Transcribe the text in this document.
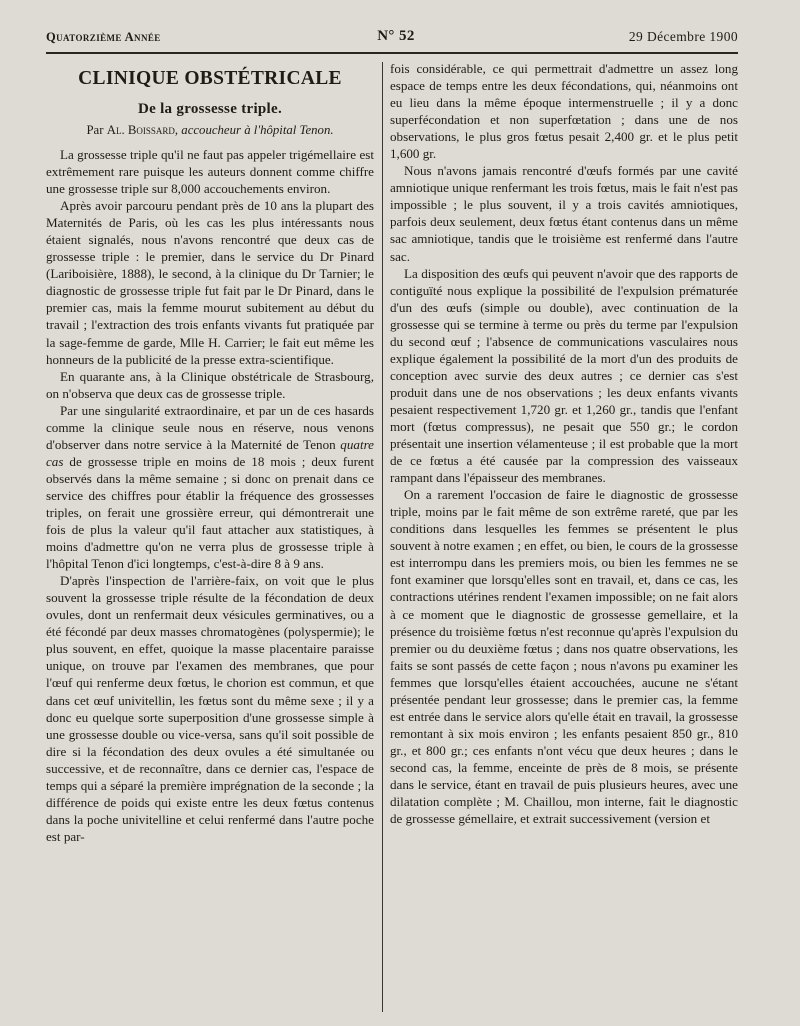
Quatorzième Année	N° 52	29 Décembre 1900
CLINIQUE OBSTÉTRICALE
De la grossesse triple.
Par Al. Boissard, accoucheur à l'hôpital Tenon.

La grossesse triple qu'il ne faut pas appeler trigémellaire est extrêmement rare puisque les auteurs donnent comme chiffre une grossesse triple sur 8,000 accouchements environ.

Après avoir parcouru pendant près de 10 ans la plupart des Maternités de Paris, où les cas les plus intéressants nous étaient signalés, nous n'avons rencontré que deux cas de grossesse triple : le premier, dans le service du Dr Pinard (Lariboisière, 1888), le second, à la clinique du Dr Tarnier; le diagnostic de grossesse triple fut fait par le Dr Pinard, dans le premier cas, mais la femme mourut subitement au début du travail ; l'extraction des trois enfants vivants fut pratiquée par la sage-femme de garde, Mlle H. Carrier; le fait eut même les honneurs de la publicité de la presse extra-scientifique.

En quarante ans, à la Clinique obstétricale de Strasbourg, on n'observa que deux cas de grossesse triple.

Par une singularité extraordinaire, et par un de ces hasards comme la clinique seule nous en réserve, nous venons d'observer dans notre service à la Maternité de Tenon quatre cas de grossesse triple en moins de 18 mois ; deux furent observés dans la même semaine ; si donc on prenait dans ce service des chiffres pour établir la fréquence des grossesses triples, on ferait une grossière erreur, qui démontrerait une fois de plus la valeur qu'il faut attacher aux statistiques, à moins d'admettre qu'on ne verra plus de grossesse triple à l'hôpital Tenon d'ici longtemps, c'est-à-dire 8 à 9 ans.

D'après l'inspection de l'arrière-faix, on voit que le plus souvent la grossesse triple résulte de la fécondation de deux ovules, dont un renfermait deux vésicules germinatives, ou a été fécondé par deux masses chromatogènes (polyspermie); le plus souvent, en effet, quoique la masse placentaire paraisse unique, on trouve par l'examen des membranes, que pour l'œuf qui renferme deux fœtus, le chorion est commun, et que dans cet œuf univitellin, les fœtus sont du même sexe ; il y a donc eu quelque sorte superposition d'une grossesse simple à une grossesse double ou vice-versa, sans qu'il soit possible de dire si la fécondation des deux ovules a été simultanée ou successive, et de reconnaître, dans ce dernier cas, l'espace de temps qui a séparé la première imprégnation de la seconde ; la différence de poids qui existe entre les deux fœtus contenus dans la poche univitelline et celui renfermé dans l'autre poche est par-

fois considérable, ce qui permettrait d'admettre un assez long espace de temps entre les deux fécondations, qui, néanmoins ont eu lieu dans la même époque intermenstruelle ; il y a donc superfécondation et non superfœtation ; dans une de nos observations, le plus gros fœtus pesait 2,400 gr. et le plus petit 1,600 gr.

Nous n'avons jamais rencontré d'œufs formés par une cavité amniotique unique renfermant les trois fœtus, mais le fait n'est pas impossible ; le plus souvent, il y a trois cavités amniotiques, parfois deux seulement, deux fœtus étant contenus dans un même sac amniotique, tandis que le troisième est renfermé dans l'autre sac.

La disposition des œufs qui peuvent n'avoir que des rapports de contiguïté nous explique la possibilité de l'expulsion prématurée d'un des œufs (simple ou double), avec continuation de la grossesse qui se termine à terme ou près du terme par l'expulsion du second œuf ; l'absence de communications vasculaires nous explique également la possibilité de la mort d'un des produits de conception avec survie des deux autres ; ce dernier cas s'est produit dans une de nos observations ; les deux enfants vivants pesaient respectivement 1,720 gr. et 1,260 gr., tandis que l'enfant mort (fœtus compressus), ne pesait que 550 gr.; le cordon présentait une insertion vélamenteuse ; il est probable que la mort de ce fœtus a été causée par la compression des vaisseaux rampant dans l'épaisseur des membranes.

On a rarement l'occasion de faire le diagnostic de grossesse triple, moins par le fait même de son extrême rareté, que par les conditions dans lesquelles les femmes se présentent le plus souvent à notre examen ; en effet, ou bien, le cours de la grossesse est interrompu dans les premiers mois, ou bien les femmes ne se font examiner que lorsqu'elles sont en travail, et, dans ce cas, les contractions utérines rendent l'examen impossible; on ne fait alors à ce moment que le diagnostic de grossesse gemellaire, et la présence du troisième fœtus n'est reconnue qu'après l'expulsion du premier ou du deuxième fœtus ; dans nos quatre observations, les faits se sont passés de cette façon ; nous n'avons pu examiner les femmes que lorsqu'elles étaient accouchées, aucune ne s'étant présentée pendant leur grossesse; dans le premier cas, la femme est entrée dans le service alors qu'elle était en travail, la grossesse remontant à six mois environ ; les enfants pesaient 850 gr., 810 gr., et 800 gr.; ces enfants n'ont vécu que deux heures ; dans le second cas, la femme, enceinte de près de 8 mois, se présente dans le service, étant en travail de puis plusieurs heures, avec une dilatation complète ; M. Chaillou, mon interne, fait le diagnostic de grossesse gémellaire, et extrait successivement (version et
